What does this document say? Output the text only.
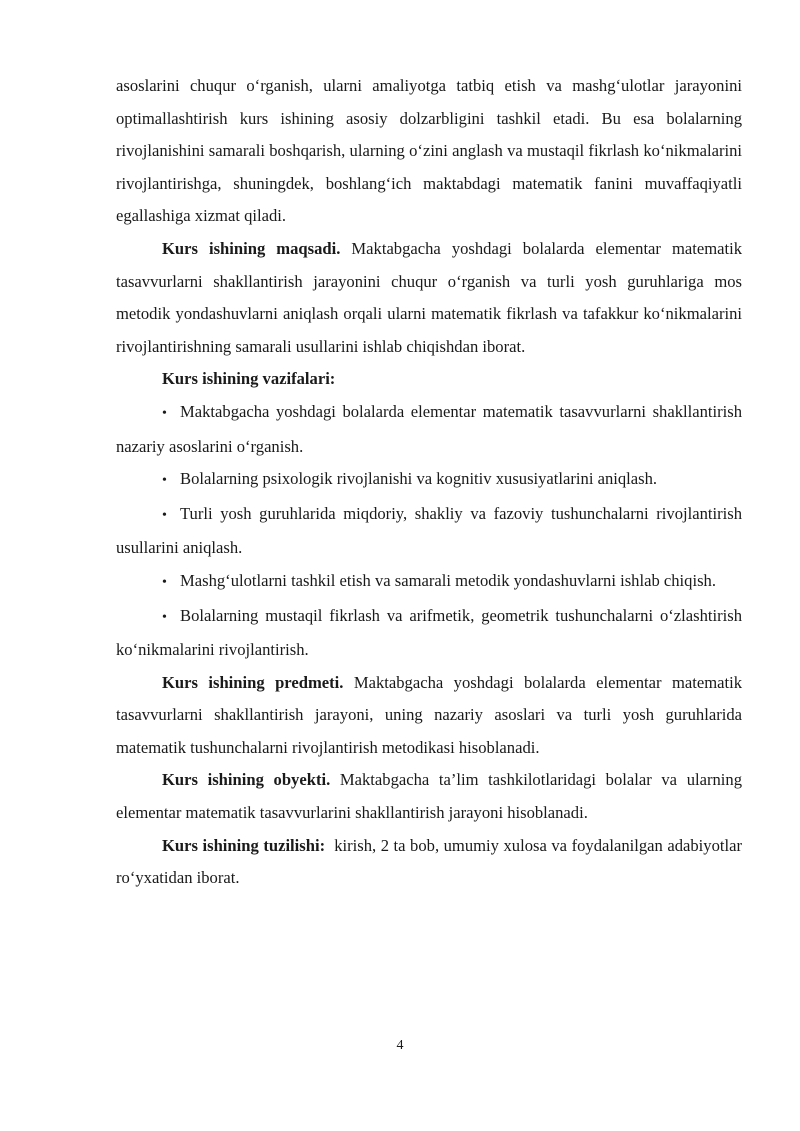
asoslarini chuqur o‘rganish, ularni amaliyotga tatbiq etish va mashg‘ulotlar jarayonini optimallashtirish kurs ishining asosiy dolzarbligini tashkil etadi. Bu esa bolalarning rivojlanishini samarali boshqarish, ularning o‘zini anglash va mustaqil fikrlash ko‘nikmalarini rivojlantirishga, shuningdek, boshlang‘ich maktabdagi matematik fanini muvaffaqiyatli egallashiga xizmat qiladi.

Kurs ishining maqsadi. Maktabgacha yoshdagi bolalarda elementar matematik tasavvurlarni shakllantirish jarayonini chuqur o‘rganish va turli yosh guruhlariga mos metodik yondashuvlarni aniqlash orqali ularni matematik fikrlash va tafakkur ko‘nikmalarini rivojlantirishning samarali usullarini ishlab chiqishdan iborat.

Kurs ishining vazifalari:

• Maktabgacha yoshdagi bolalarda elementar matematik tasavvurlarni shakllantirish nazariy asoslarini o‘rganish.

• Bolalarning psixologik rivojlanishi va kognitiv xususiyatlarini aniqlash.

• Turli yosh guruhlarida miqdoriy, shakliy va fazoviy tushunchalarni rivojlantirish usullarini aniqlash.

• Mashg‘ulotlarni tashkil etish va samarali metodik yondashuvlarni ishlab chiqish.

• Bolalarning mustaqil fikrlash va arifmetik, geometrik tushunchalarni o‘zlashtirish ko‘nikmalarini rivojlantirish.

Kurs ishining predmeti. Maktabgacha yoshdagi bolalarda elementar matematik tasavvurlarni shakllantirish jarayoni, uning nazariy asoslari va turli yosh guruhlarida matematik tushunchalarni rivojlantirish metodikasi hisoblanadi.

Kurs ishining obyekti. Maktabgacha ta’lim tashkilotlaridagi bolalar va ularning elementar matematik tasavvurlarini shakllantirish jarayoni hisoblanadi.

Kurs ishining tuzilishi:  kirish, 2 ta bob, umumiy xulosa va foydalanilgan adabiyotlar ro‘yxatidan iborat.

4
